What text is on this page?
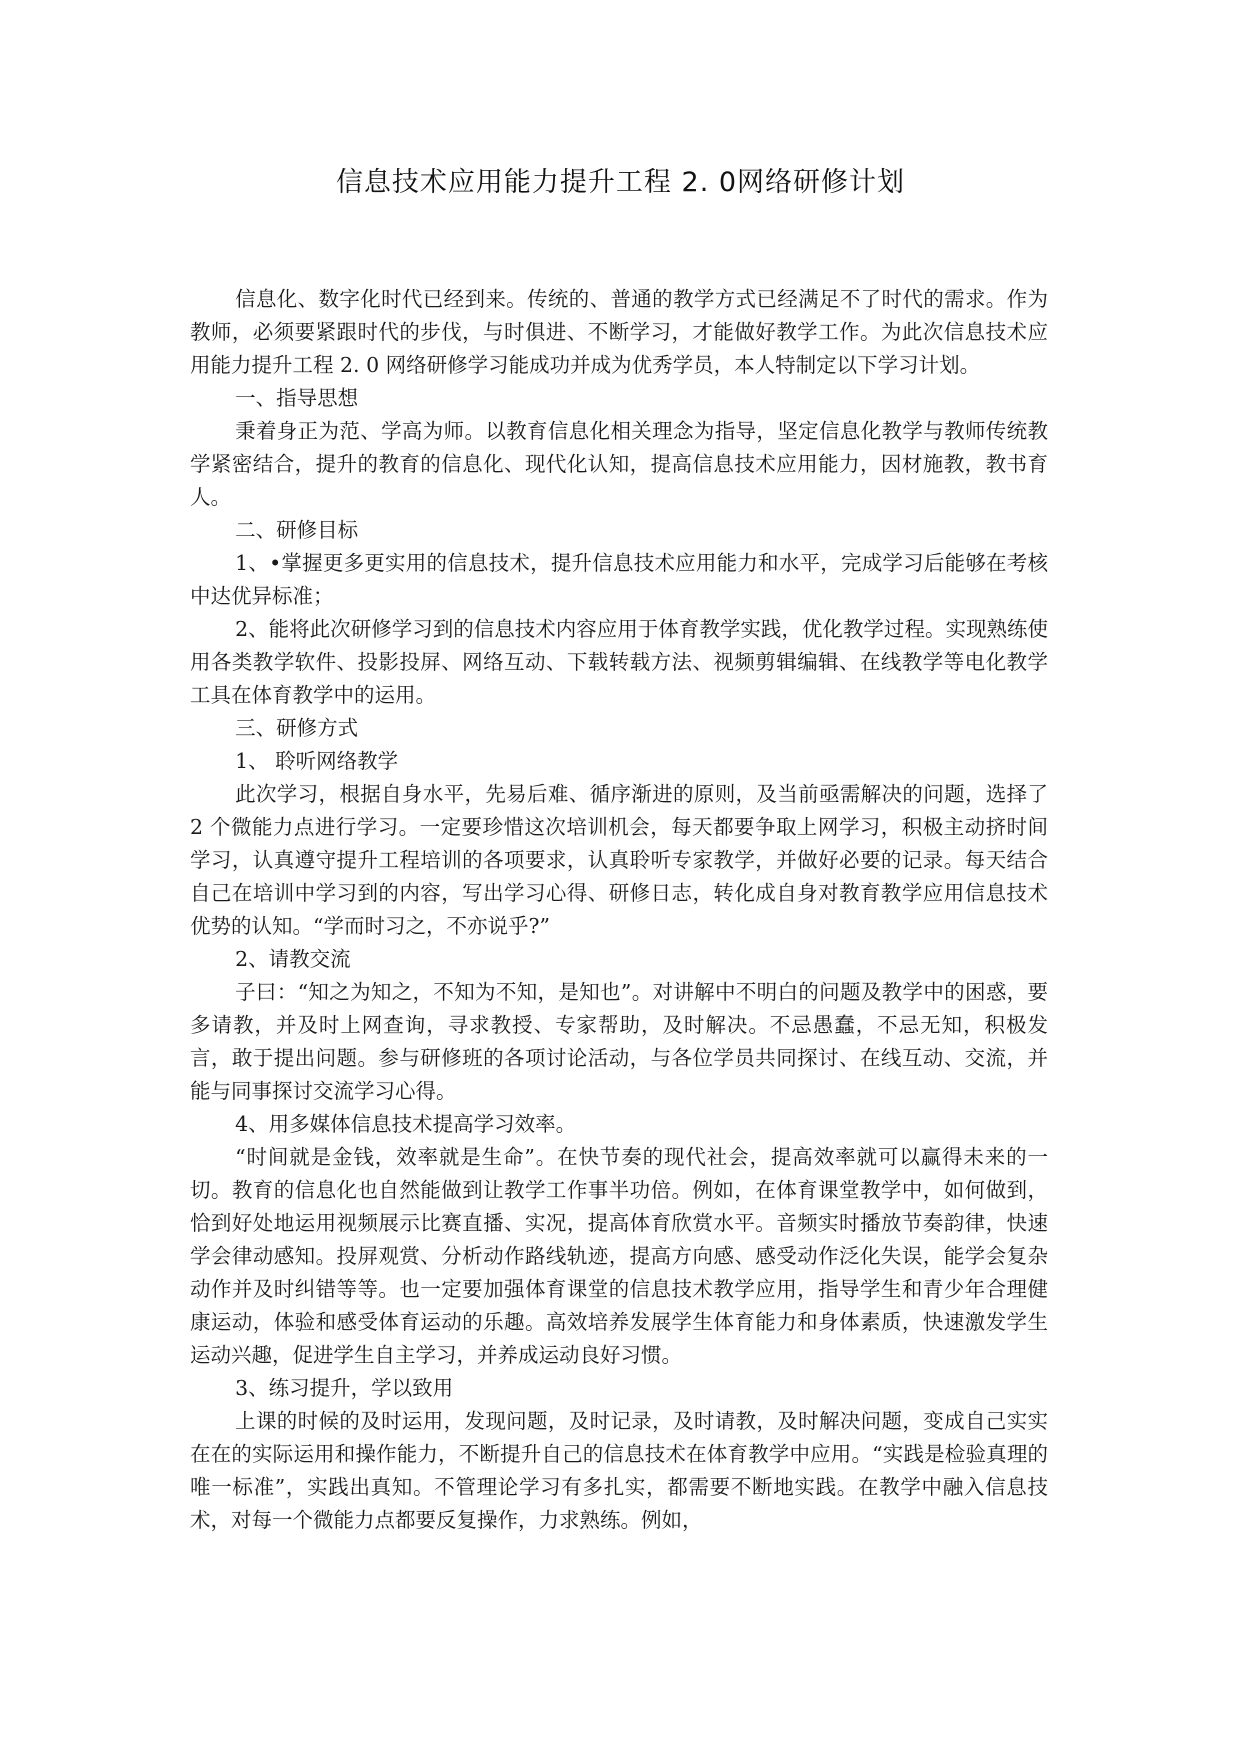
信息技术应用能力提升工程 2. 0网络研修计划

信息化、数字化时代已经到来。传统的、普通的教学方式已经满足不了时代的需求。作为教师，必须要紧跟时代的步伐，与时俱进、不断学习，才能做好教学工作。为此次信息技术应用能力提升工程 2. 0 网络研修学习能成功并成为优秀学员，本人特制定以下学习计划。

一、指导思想

秉着身正为范、学高为师。以教育信息化相关理念为指导，坚定信息化教学与教师传统教学紧密结合，提升的教育的信息化、现代化认知，提高信息技术应用能力，因材施教，教书育人。

二、研修目标

1、•掌握更多更实用的信息技术，提升信息技术应用能力和水平，完成学习后能够在考核中达优异标准；

2、能将此次研修学习到的信息技术内容应用于体育教学实践，优化教学过程。实现熟练使用各类教学软件、投影投屏、网络互动、下载转载方法、视频剪辑编辑、在线教学等电化教学工具在体育教学中的运用。

三、研修方式

1、 聆听网络教学

此次学习，根据自身水平，先易后难、循序渐进的原则，及当前亟需解决的问题，选择了 2 个微能力点进行学习。一定要珍惜这次培训机会，每天都要争取上网学习，积极主动挤时间学习，认真遵守提升工程培训的各项要求，认真聆听专家教学，并做好必要的记录。每天结合自己在培训中学习到的内容，写出学习心得、研修日志，转化成自身对教育教学应用信息技术优势的认知。“学而时习之，不亦说乎?”

2、请教交流

子曰：“知之为知之，不知为不知，是知也”。对讲解中不明白的问题及教学中的困惑，要多请教，并及时上网查询，寻求教授、专家帮助，及时解决。不忌愚蠢，不忌无知，积极发言，敢于提出问题。参与研修班的各项讨论活动，与各位学员共同探讨、在线互动、交流，并能与同事探讨交流学习心得。

4、用多媒体信息技术提高学习效率。

“时间就是金钱，效率就是生命”。在快节奏的现代社会，提高效率就可以赢得未来的一切。教育的信息化也自然能做到让教学工作事半功倍。例如，在体育课堂教学中，如何做到，恰到好处地运用视频展示比赛直播、实况，提高体育欣赏水平。音频实时播放节奏韵律，快速学会律动感知。投屏观赏、分析动作路线轨迹，提高方向感、感受动作泛化失误，能学会复杂动作并及时纠错等等。也一定要加强体育课堂的信息技术教学应用，指导学生和青少年合理健康运动，体验和感受体育运动的乐趣。高效培养发展学生体育能力和身体素质，快速激发学生运动兴趣，促进学生自主学习，并养成运动良好习惯。

3、练习提升，学以致用

上课的时候的及时运用，发现问题，及时记录，及时请教，及时解决问题，变成自己实实在在的实际运用和操作能力，不断提升自己的信息技术在体育教学中应用。“实践是检验真理的唯一标准”，实践出真知。不管理论学习有多扎实，都需要不断地实践。在教学中融入信息技术，对每一个微能力点都要反复操作，力求熟练。例如，
